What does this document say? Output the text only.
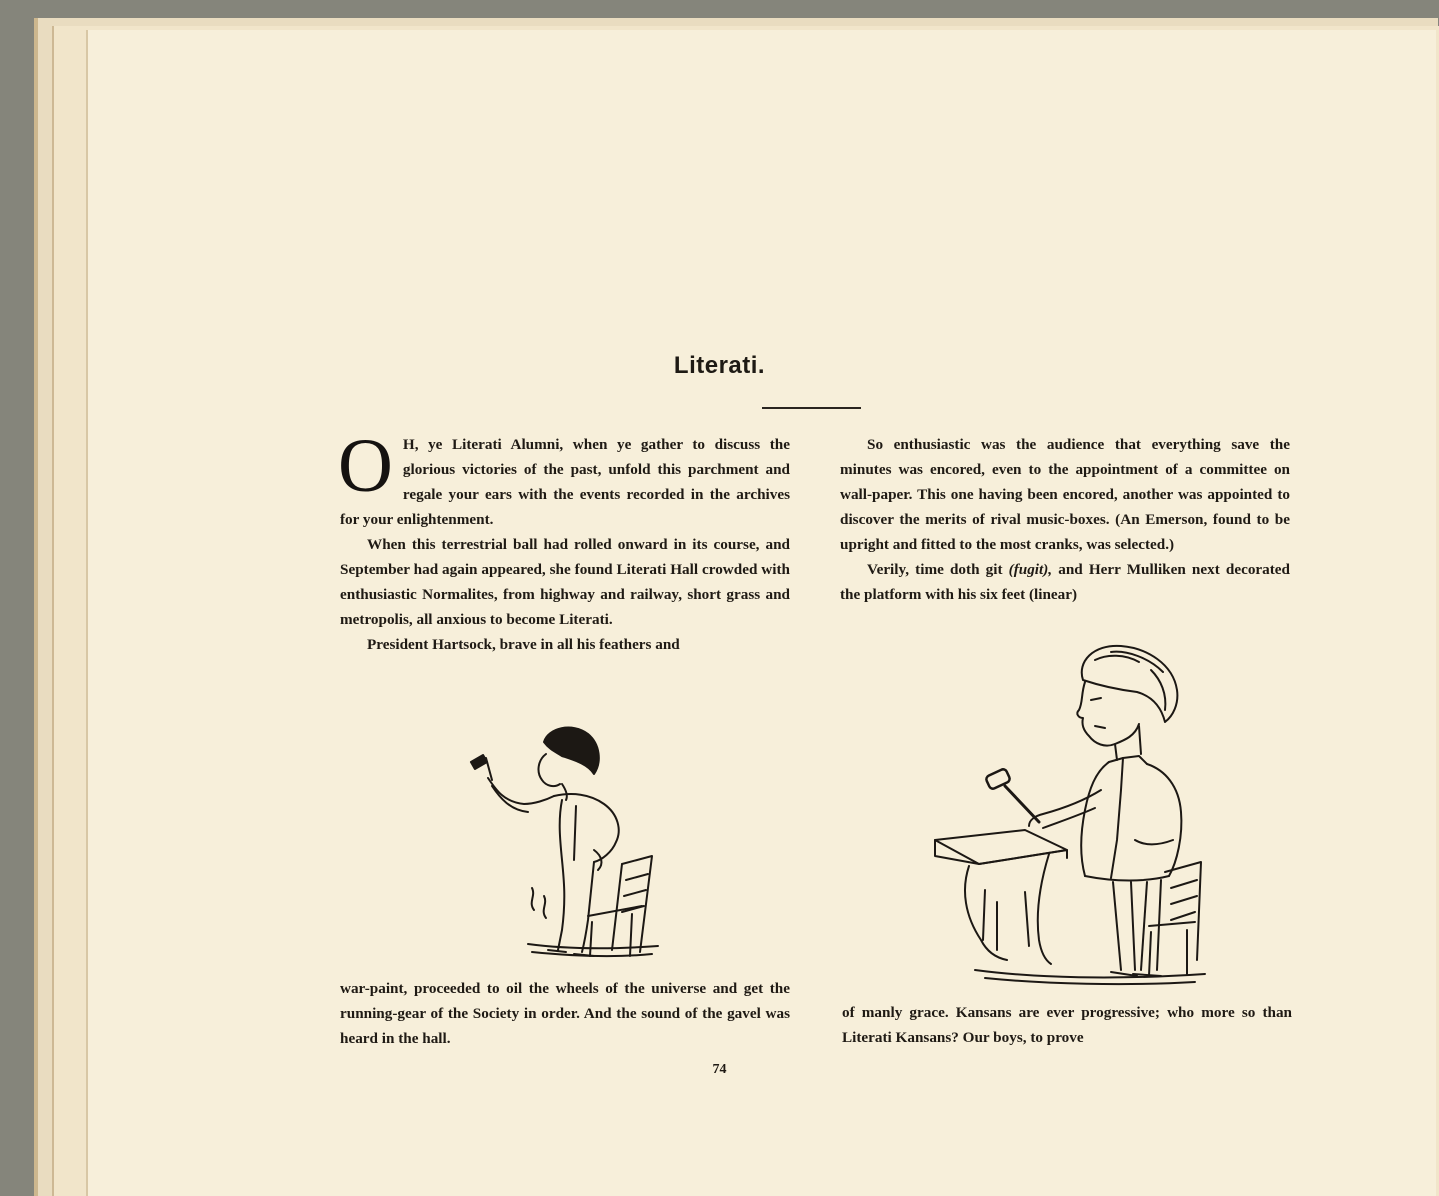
Literati.

O H, ye Literati Alumni, when ye gather to discuss the glorious victories of the past, unfold this parchment and regale your ears with the events recorded in the archives for your enlightenment.

When this terrestrial ball had rolled onward in its course, and September had again appeared, she found Literati Hall crowded with enthusiastic Normalites, from highway and railway, short grass and metropolis, all anxious to become Literati.

President Hartsock, brave in all his feathers and

war-paint, proceeded to oil the wheels of the universe and get the running-gear of the Society in order. And the sound of the gavel was heard in the hall.

So enthusiastic was the audience that everything save the minutes was encored, even to the appointment of a committee on wall-paper. This one having been encored, another was appointed to discover the merits of rival music-boxes. (An Emerson, found to be upright and fitted to the most cranks, was selected.)

Verily, time doth git (fugit), and Herr Mulliken next decorated the platform with his six feet (linear)

of manly grace. Kansans are ever progressive; who more so than Literati Kansans? Our boys, to prove

74
